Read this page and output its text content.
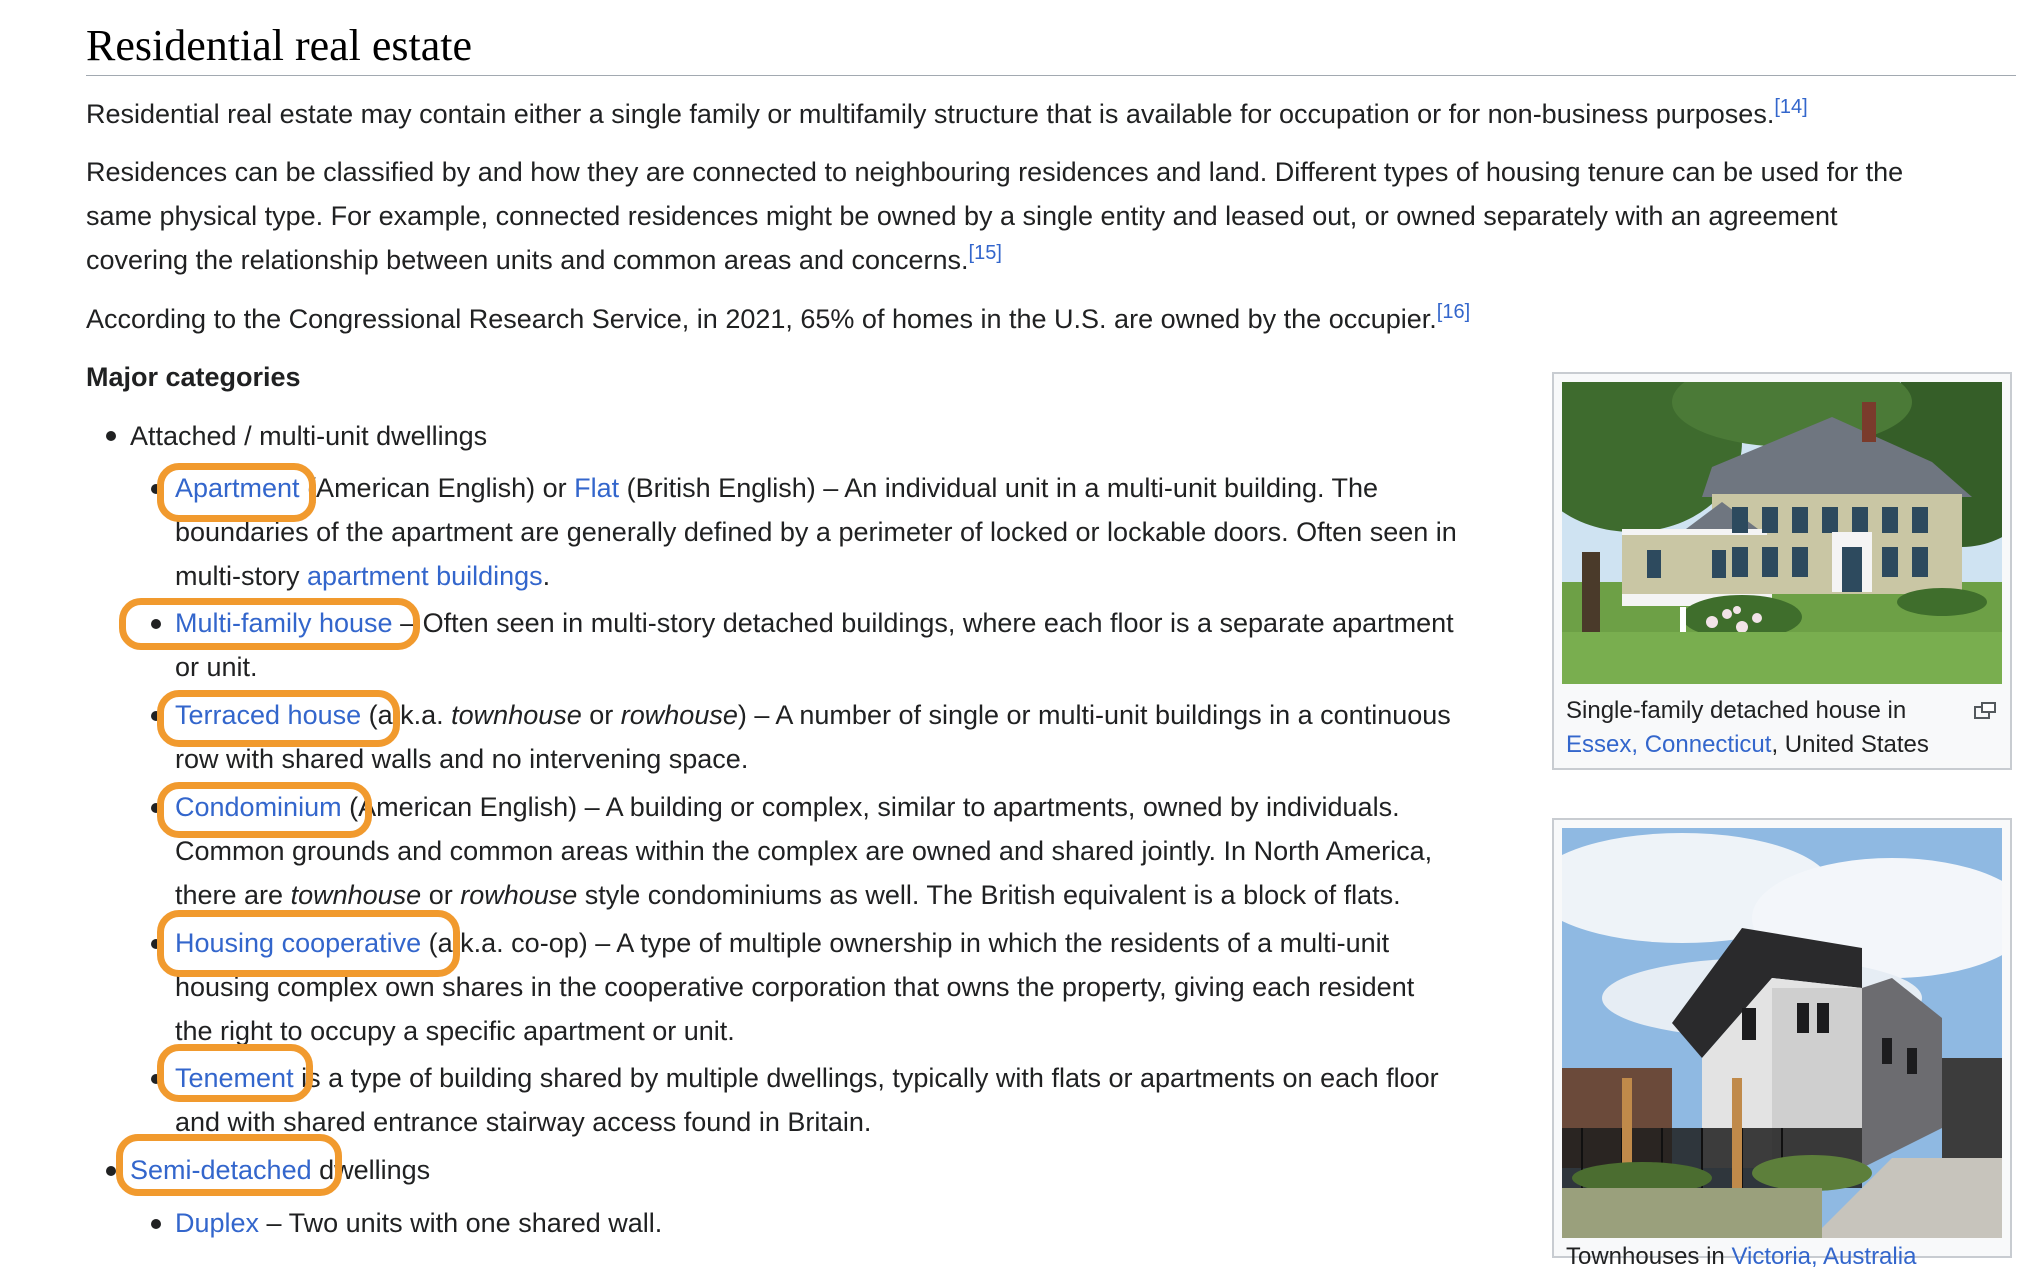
Residential real estate

Residential real estate may contain either a single family or multifamily structure that is available for occupation or for non-business purposes.[14]

Residences can be classified by and how they are connected to neighbouring residences and land. Different types of housing tenure can be used for the
same physical type. For example, connected residences might be owned by a single entity and leased out, or owned separately with an agreement
covering the relationship between units and common areas and concerns.[15]

According to the Congressional Research Service, in 2021, 65% of homes in the U.S. are owned by the occupier.[16]

Major categories

Attached / multi-unit dwellings

Apartment (American English) or Flat (British English) – An individual unit in a multi-unit building. The
boundaries of the apartment are generally defined by a perimeter of locked or lockable doors. Often seen in
multi-story apartment buildings.

Multi-family house – Often seen in multi-story detached buildings, where each floor is a separate apartment
or unit.

Terraced house (a.k.a. townhouse or rowhouse) – A number of single or multi-unit buildings in a continuous
row with shared walls and no intervening space.

Condominium (American English) – A building or complex, similar to apartments, owned by individuals.
Common grounds and common areas within the complex are owned and shared jointly. In North America,
there are townhouse or rowhouse style condominiums as well. The British equivalent is a block of flats.

Housing cooperative (a.k.a. co-op) – A type of multiple ownership in which the residents of a multi-unit
housing complex own shares in the cooperative corporation that owns the property, giving each resident
the right to occupy a specific apartment or unit.

Tenement is a type of building shared by multiple dwellings, typically with flats or apartments on each floor
and with shared entrance stairway access found in Britain.

Semi-detached dwellings

Duplex – Two units with one shared wall.

Single-family detached house in
Essex, Connecticut, United States

Townhouses in Victoria, Australia
